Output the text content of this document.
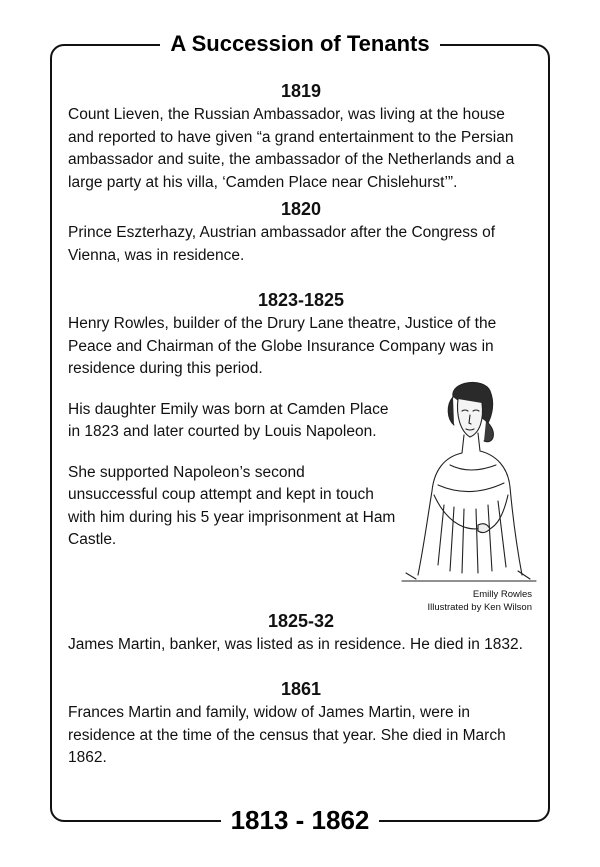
A Succession of Tenants
1819

Count Lieven, the Russian Ambassador, was living at the house and reported to have given “a grand entertainment to the Persian ambassador and suite, the ambassador of the Netherlands and a large party at his villa, ‘Camden Place near Chislehurst’”.

1820

Prince Eszterhazy, Austrian ambassador after the Congress of Vienna, was in residence.

1823-1825

Henry Rowles, builder of the Drury Lane theatre, Justice of the Peace and Chairman of the Globe Insurance Company was in residence during this period.

His daughter Emily was born at Camden Place in 1823 and later courted by Louis Napoleon.

She supported Napoleon’s second unsuccessful coup attempt and kept in touch with him during his 5 year imprisonment at Ham Castle.

1825-32

James Martin, banker, was listed as in residence. He died in 1832.

1861

Frances Martin and family, widow of James Martin, were in residence at the time of the census that year. She died in March 1862.

Emilly Rowles
Illustrated by Ken Wilson
1813 - 1862
